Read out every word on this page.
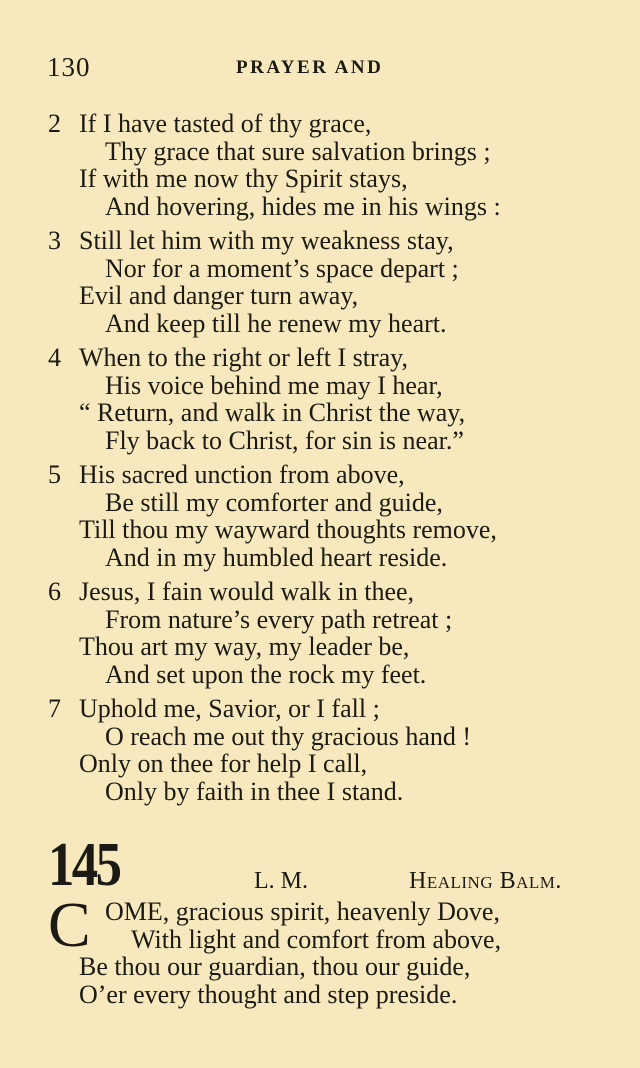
130	PRAYER AND
2 If I have tasted of thy grace,
Thy grace that sure salvation brings ;
If with me now thy Spirit stays,
And hovering, hides me in his wings :
3 Still let him with my weakness stay,
Nor for a moment’s space depart ;
Evil and danger turn away,
And keep till he renew my heart.
4 When to the right or left I stray,
His voice behind me may I hear,
“ Return, and walk in Christ the way,
Fly back to Christ, for sin is near.”
5 His sacred unction from above,
Be still my comforter and guide,
Till thou my wayward thoughts remove,
And in my humbled heart reside.
6 Jesus, I fain would walk in thee,
From nature’s every path retreat ;
Thou art my way, my leader be,
And set upon the rock my feet.
7 Uphold me, Savior, or I fall ;
O reach me out thy gracious hand !
Only on thee for help I call,
Only by faith in thee I stand.
145	L. M.	Healing Balm.
C OME, gracious spirit, heavenly Dove,
With light and comfort from above,
Be thou our guardian, thou our guide,
O’er every thought and step preside.
